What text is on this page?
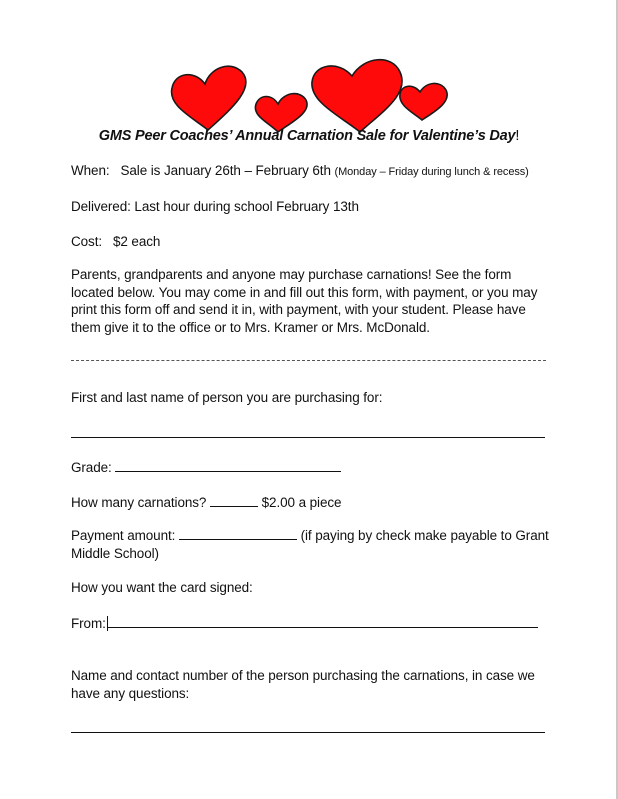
GMS Peer Coaches’ Annual Carnation Sale for Valentine’s Day!
When: Sale is January 26th – February 6th (Monday – Friday during lunch & recess)
Delivered: Last hour during school February 13th
Cost: $2 each
Parents, grandparents and anyone may purchase carnations! See the form located below. You may come in and fill out this form, with payment, or you may print this form off and send it in, with payment, with your student. Please have them give it to the office or to Mrs. Kramer or Mrs. McDonald.
First and last name of person you are purchasing for:
Grade:
How many carnations?	$2.00 a piece
Payment amount:	(if paying by check make payable to Grant Middle School)
How you want the card signed:
From:
Name and contact number of the person purchasing the carnations, in case we have any questions:
